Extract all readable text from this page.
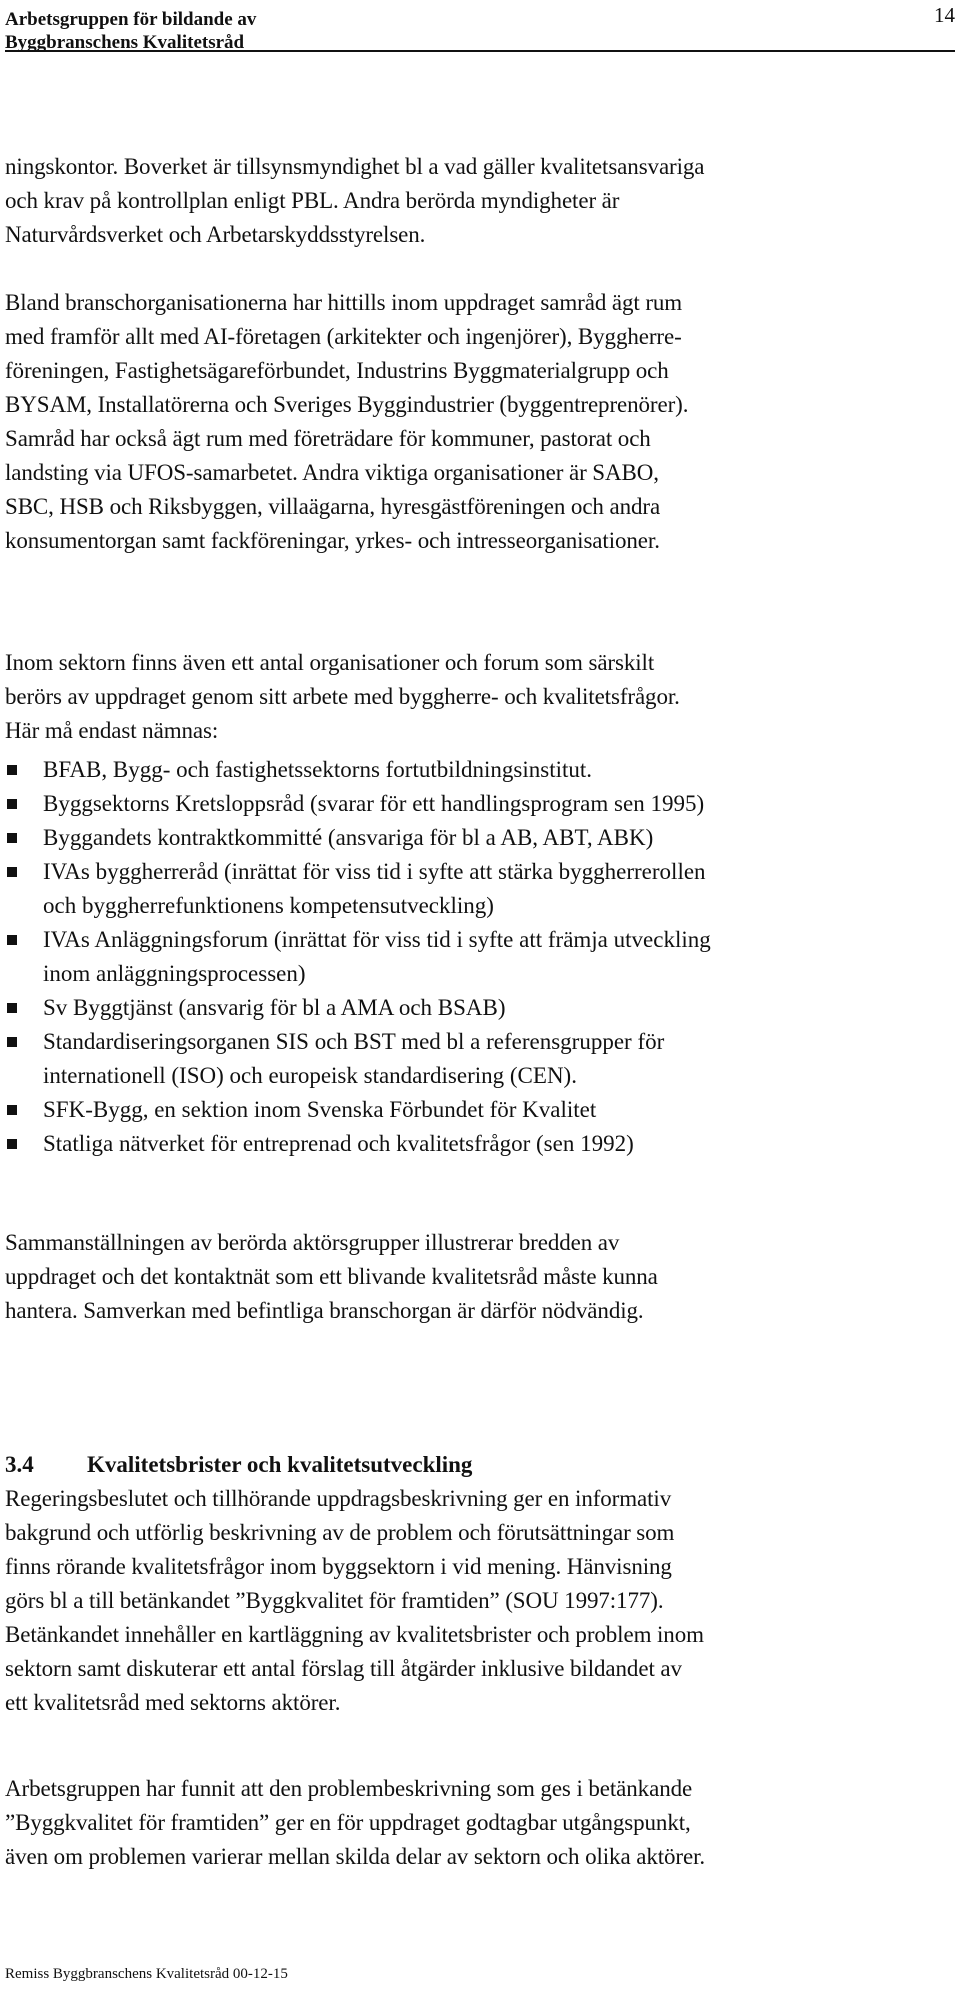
Arbetsgruppen för bildande av
Byggbranschens Kvalitetsråd
14

ningskontor. Boverket är tillsynsmyndighet bl a vad gäller kvalitetsansvariga

och krav på kontrollplan enligt PBL. Andra berörda myndigheter är

Naturvårdsverket och Arbetarskyddsstyrelsen.

Bland branschorganisationerna har hittills inom uppdraget samråd ägt rum

med framför allt med AI-företagen (arkitekter och ingenjörer), Byggherre-

föreningen, Fastighetsägareförbundet, Industrins Byggmaterialgrupp och

BYSAM, Installatörerna och Sveriges Byggindustrier (byggentreprenörer).

Samråd har också ägt rum med företrädare för kommuner, pastorat och

landsting via UFOS-samarbetet. Andra viktiga organisationer är SABO,

SBC, HSB och Riksbyggen, villaägarna, hyresgästföreningen och andra

konsumentorgan samt fackföreningar, yrkes- och intresseorganisationer.

Inom sektorn finns även ett antal organisationer och forum som särskilt

berörs av uppdraget genom sitt arbete med byggherre- och kvalitetsfrågor.

Här må endast nämnas:

BFAB, Bygg- och fastighetssektorns fortutbildningsinstitut.
Byggsektorns Kretsloppsråd (svarar för ett handlingsprogram sen 1995)
Byggandets kontraktkommitté (ansvariga för bl a AB, ABT, ABK)
IVAs byggherreråd (inrättat för viss tid i syfte att stärka byggherrerollen
och byggherrefunktionens kompetensutveckling)
IVAs Anläggningsforum (inrättat för viss tid i syfte att främja utveckling
inom anläggningsprocessen)
Sv Byggtjänst (ansvarig för bl a AMA och BSAB)
Standardiseringsorganen SIS och BST med bl a referensgrupper för
internationell (ISO) och europeisk standardisering (CEN).
SFK-Bygg, en sektion inom Svenska Förbundet för Kvalitet
Statliga nätverket för entreprenad och kvalitetsfrågor (sen 1992)

Sammanställningen av berörda aktörsgrupper illustrerar bredden av

uppdraget och det kontaktnät som ett blivande kvalitetsråd måste kunna

hantera. Samverkan med befintliga branschorgan är därför nödvändig.

3.4 Kvalitetsbrister och kvalitetsutveckling

Regeringsbeslutet och tillhörande uppdragsbeskrivning ger en informativ

bakgrund och utförlig beskrivning av de problem och förutsättningar som

finns rörande kvalitetsfrågor inom byggsektorn i vid mening. Hänvisning

görs bl a till betänkandet ”Byggkvalitet för framtiden” (SOU 1997:177).

Betänkandet innehåller en kartläggning av kvalitetsbrister och problem inom

sektorn samt diskuterar ett antal förslag till åtgärder inklusive bildandet av

ett kvalitetsråd med sektorns aktörer.

Arbetsgruppen har funnit att den problembeskrivning som ges i betänkande

”Byggkvalitet för framtiden” ger en för uppdraget godtagbar utgångspunkt,

även om problemen varierar mellan skilda delar av sektorn och olika aktörer.

Remiss Byggbranschens Kvalitetsråd 00-12-15
